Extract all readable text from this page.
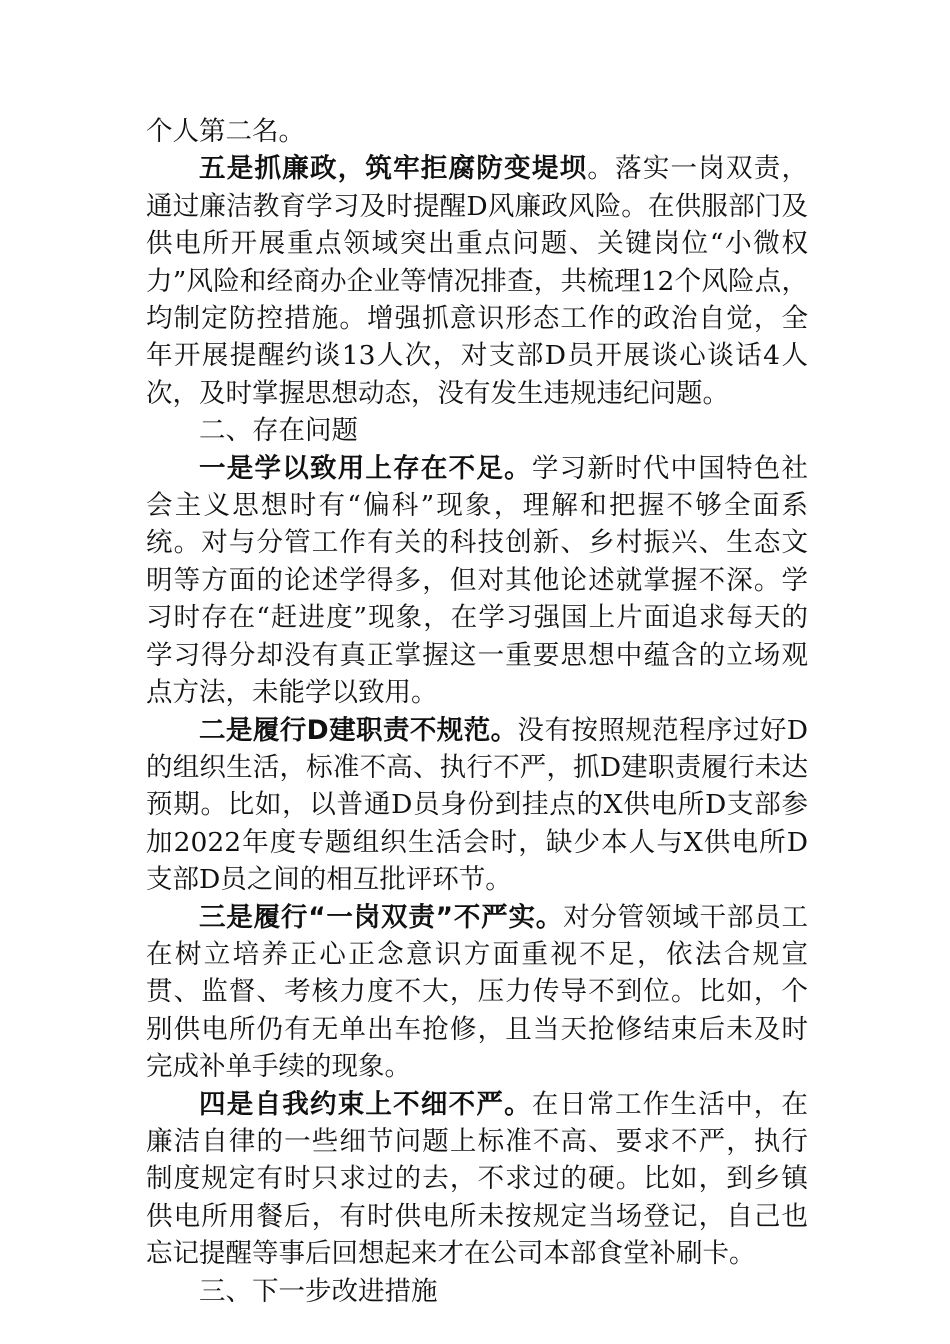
个人第二名。

五是抓廉政，筑牢拒腐防变堤坝。落实一岗双责，通过廉洁教育学习及时提醒D风廉政风险。在供服部门及供电所开展重点领域突出重点问题、关键岗位“小微权力”风险和经商办企业等情况排查，共梳理12个风险点，均制定防控措施。增强抓意识形态工作的政治自觉，全年开展提醒约谈13人次，对支部D员开展谈心谈话4人次，及时掌握思想动态，没有发生违规违纪问题。

二、存在问题

一是学以致用上存在不足。学习新时代中国特色社会主义思想时有“偏科”现象，理解和把握不够全面系统。对与分管工作有关的科技创新、乡村振兴、生态文明等方面的论述学得多，但对其他论述就掌握不深。学习时存在“赶进度”现象，在学习强国上片面追求每天的学习得分却没有真正掌握这一重要思想中蕴含的立场观点方法，未能学以致用。

二是履行D建职责不规范。没有按照规范程序过好D的组织生活，标准不高、执行不严，抓D建职责履行未达预期。比如，以普通D员身份到挂点的X供电所D支部参加2022年度专题组织生活会时，缺少本人与X供电所D支部D员之间的相互批评环节。

三是履行“一岗双责”不严实。对分管领域干部员工在树立培养正心正念意识方面重视不足，依法合规宣贯、监督、考核力度不大，压力传导不到位。比如，个别供电所仍有无单出车抢修，且当天抢修结束后未及时完成补单手续的现象。

四是自我约束上不细不严。在日常工作生活中，在廉洁自律的一些细节问题上标准不高、要求不严，执行制度规定有时只求过的去，不求过的硬。比如，到乡镇供电所用餐后，有时供电所未按规定当场登记，自己也忘记提醒等事后回想起来才在公司本部食堂补刷卡。

三、下一步改进措施
